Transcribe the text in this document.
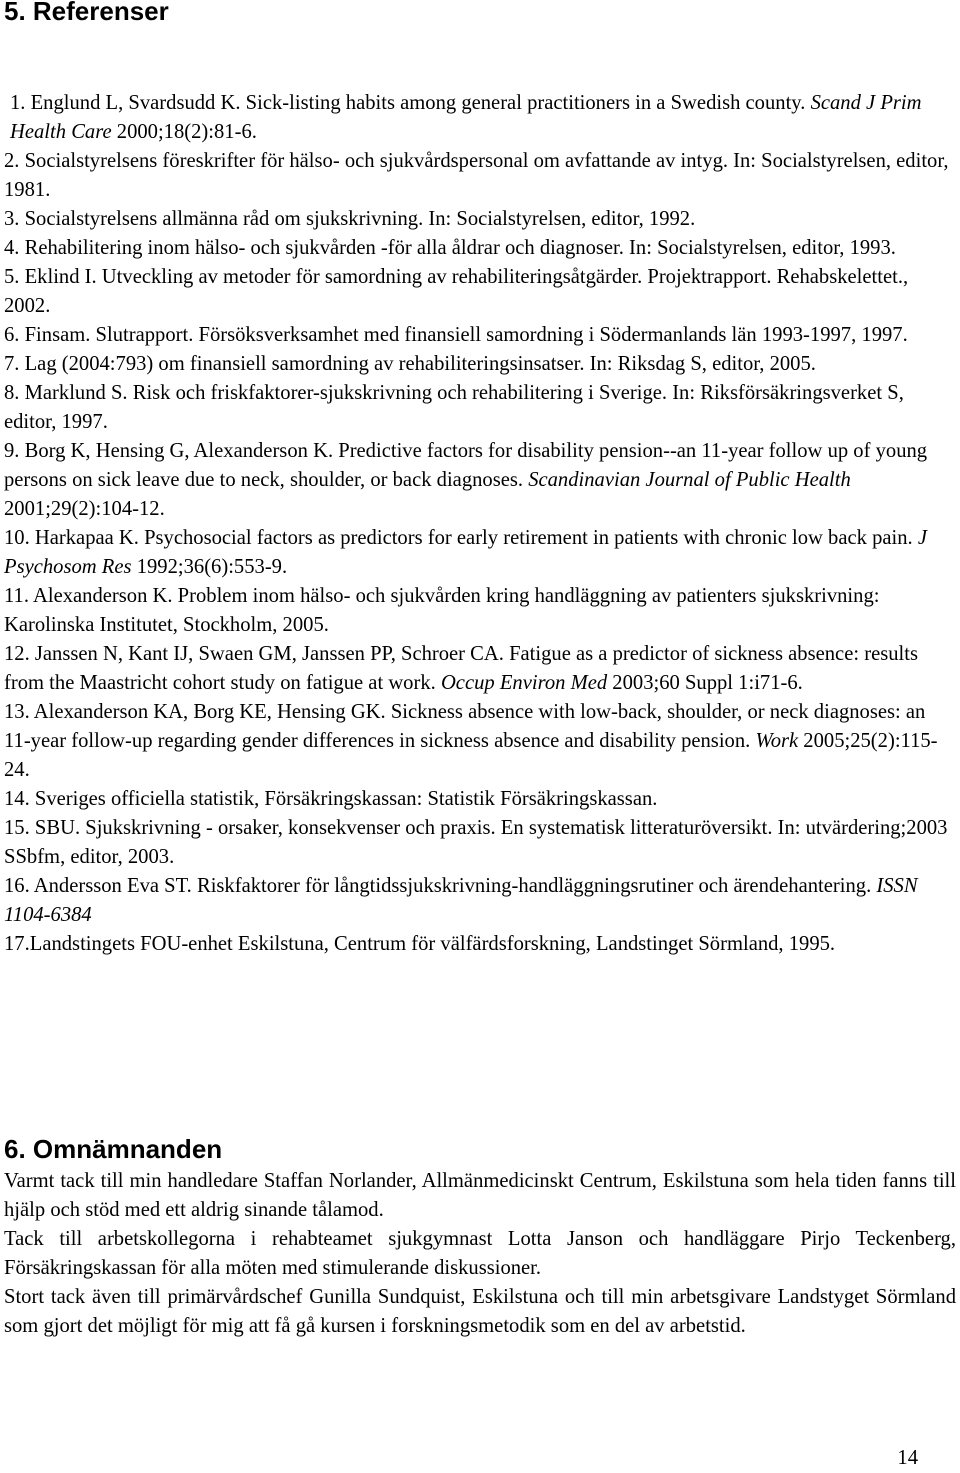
5. Referenser
1. Englund L, Svardsudd K. Sick-listing habits among general practitioners in a Swedish county. Scand J Prim Health Care 2000;18(2):81-6.
2. Socialstyrelsens föreskrifter för hälso- och sjukvårdspersonal om avfattande av intyg. In: Socialstyrelsen, editor, 1981.
3. Socialstyrelsens allmänna råd om sjukskrivning. In: Socialstyrelsen, editor, 1992.
4. Rehabilitering inom hälso- och sjukvården -för alla åldrar och diagnoser. In: Socialstyrelsen, editor, 1993.
5. Eklind I. Utveckling av metoder för samordning av rehabiliteringsåtgärder. Projektrapport. Rehabskelettet., 2002.
6. Finsam. Slutrapport. Försöksverksamhet med finansiell samordning i Södermanlands län 1993-1997, 1997.
7. Lag (2004:793) om finansiell samordning av rehabiliteringsinsatser. In: Riksdag S, editor, 2005.
8. Marklund S. Risk och friskfaktorer-sjukskrivning och rehabilitering i Sverige. In: Riksförsäkringsverket S, editor, 1997.
9. Borg K, Hensing G, Alexanderson K. Predictive factors for disability pension--an 11-year follow up of young persons on sick leave due to neck, shoulder, or back diagnoses. Scandinavian Journal of Public Health 2001;29(2):104-12.
10. Harkapaa K. Psychosocial factors as predictors for early retirement in patients with chronic low back pain. J Psychosom Res 1992;36(6):553-9.
11. Alexanderson K. Problem inom hälso- och sjukvården kring handläggning av patienters sjukskrivning: Karolinska Institutet, Stockholm, 2005.
12. Janssen N, Kant IJ, Swaen GM, Janssen PP, Schroer CA. Fatigue as a predictor of sickness absence: results from the Maastricht cohort study on fatigue at work. Occup Environ Med 2003;60 Suppl 1:i71-6.
13. Alexanderson KA, Borg KE, Hensing GK. Sickness absence with low-back, shoulder, or neck diagnoses: an 11-year follow-up regarding gender differences in sickness absence and disability pension. Work 2005;25(2):115-24.
14. Sveriges officiella statistik, Försäkringskassan: Statistik Försäkringskassan.
15. SBU. Sjukskrivning - orsaker, konsekvenser och praxis. En systematisk litteraturöversikt. In: utvärdering;2003 SSbfm, editor, 2003.
16. Andersson Eva ST. Riskfaktorer för långtidssjukskrivning-handläggningsrutiner och ärendehantering. ISSN 1104-6384
17.Landstingets FOU-enhet Eskilstuna, Centrum för välfärdsforskning, Landstinget Sörmland, 1995.
6. Omnämnanden

Varmt tack till min handledare Staffan Norlander, Allmänmedicinskt Centrum, Eskilstuna som hela tiden fanns till hjälp och stöd med ett aldrig sinande tålamod.

Tack till arbetskollegorna i rehabteamet sjukgymnast Lotta Janson och handläggare Pirjo Teckenberg, Försäkringskassan för alla möten med stimulerande diskussioner.

Stort tack även till primärvårdschef Gunilla Sundquist, Eskilstuna och till min arbetsgivare Landstyget Sörmland som gjort det möjligt för mig att få gå kursen i forskningsmetodik som en del av arbetstid.

14
